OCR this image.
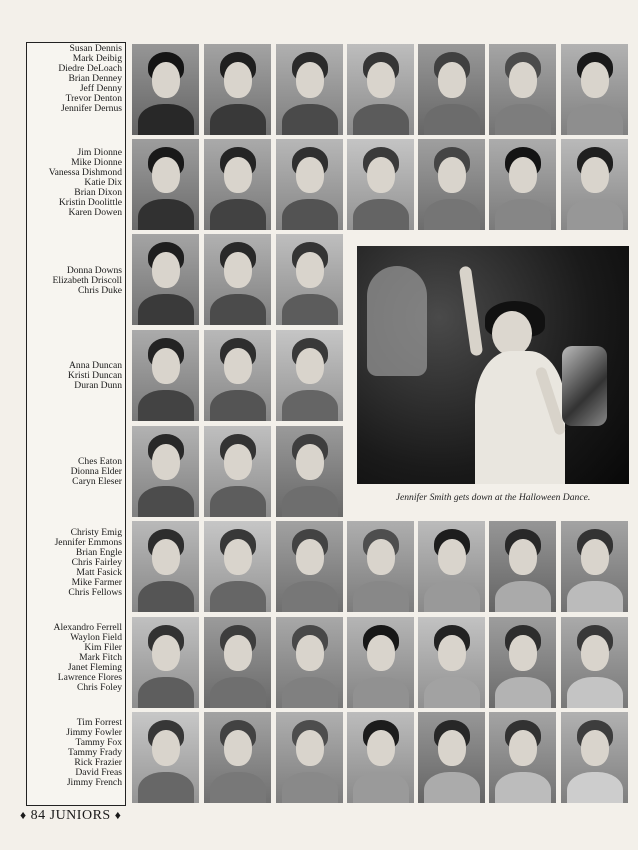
Susan Dennis
Mark Deibig
Diedre DeLoach
Brian Denney
Jeff Denny
Trevor Denton
Jennifer Dernus
Jim Dionne
Mike Dionne
Vanessa Dishmond
Katie Dix
Brian Dixon
Kristin Doolittle
Karen Dowen
Donna Downs
Elizabeth Driscoll
Chris Duke
Anna Duncan
Kristi Duncan
Duran Dunn
Ches Eaton
Dionna Elder
Caryn Eleser
Christy Emig
Jennifer Emmons
Brian Engle
Chris Fairley
Matt Fasick
Mike Farmer
Chris Fellows
Alexandro Ferrell
Waylon Field
Kim Filer
Mark Fitch
Janet Fleming
Lawrence Flores
Chris Foley
Tim Forrest
Jimmy Fowler
Tammy Fox
Tammy Frady
Rick Frazier
David Freas
Jimmy French
Jennifer Smith gets down at the Halloween Dance.
♦ 84 JUNIORS ♦
